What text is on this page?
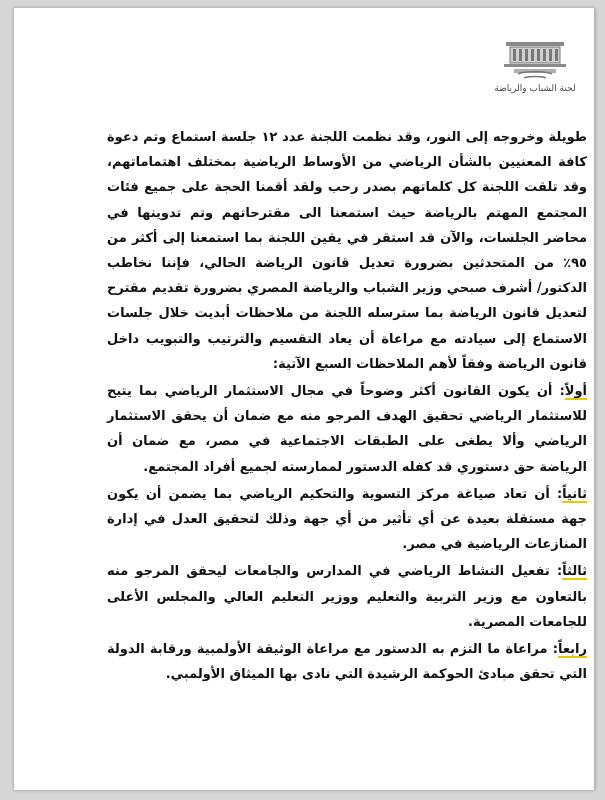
لجنة الشباب والرياضة

طويلة وخروجه إلى النور، وقد نظمت اللجنة عدد ١٢ جلسة استماع وتم دعوة كافة المعنيين بالشأن الرياضي من الأوساط الرياضية بمختلف اهتماماتهم، وقد تلقت اللجنة كل كلماتهم بصدر رحب ولقد أقمنا الحجة على جميع فئات المجتمع المهتم بالرياضة حيث استمعنا الى مقترحاتهم وتم تدوينها في محاضر الجلسات، والآن قد استقر في يقين اللجنة بما استمعنا إلى أكثر من ٩٥٪ من المتحدثين بضرورة تعديل قانون الرياضة الحالي، فإننا نخاطب الدكتور/ أشرف صبحي وزير الشباب والرياضة المصري بضرورة تقديم مقترح لتعديل قانون الرياضة بما سترسله اللجنة من ملاحظات أبديت خلال جلسات الاستماع إلى سيادته مع مراعاة أن يعاد التقسيم والترتيب والتبويب داخل قانون الرياضة وفقاً لأهم الملاحظات السبع الآتية:

أولاً: أن يكون القانون أكثر وضوحاً في مجال الاستثمار الرياضي بما يتيح للاستثمار الرياضي تحقيق الهدف المرجو منه مع ضمان أن يحقق الاستثمار الرياضي وألا يطغى على الطبقات الاجتماعية في مصر، مع ضمان أن الرياضة حق دستوري قد كفله الدستور لممارسته لجميع أفراد المجتمع.

ثانياً: أن تعاد صياغة مركز التسوية والتحكيم الرياضي بما يضمن أن يكون جهة مستقلة بعيدة عن أي تأثير من أي جهة وذلك لتحقيق العدل في إدارة المنازعات الرياضية في مصر.

ثالثاً: تفعيل النشاط الرياضي في المدارس والجامعات ليحقق المرجو منه بالتعاون مع وزير التربية والتعليم ووزير التعليم العالي والمجلس الأعلى للجامعات المصرية.

رابعاً: مراعاة ما التزم به الدستور مع مراعاة الوثيقة الأولمبية ورقابة الدولة التي تحقق مبادئ الحوكمة الرشيدة التي نادى بها الميثاق الأولمبي.
